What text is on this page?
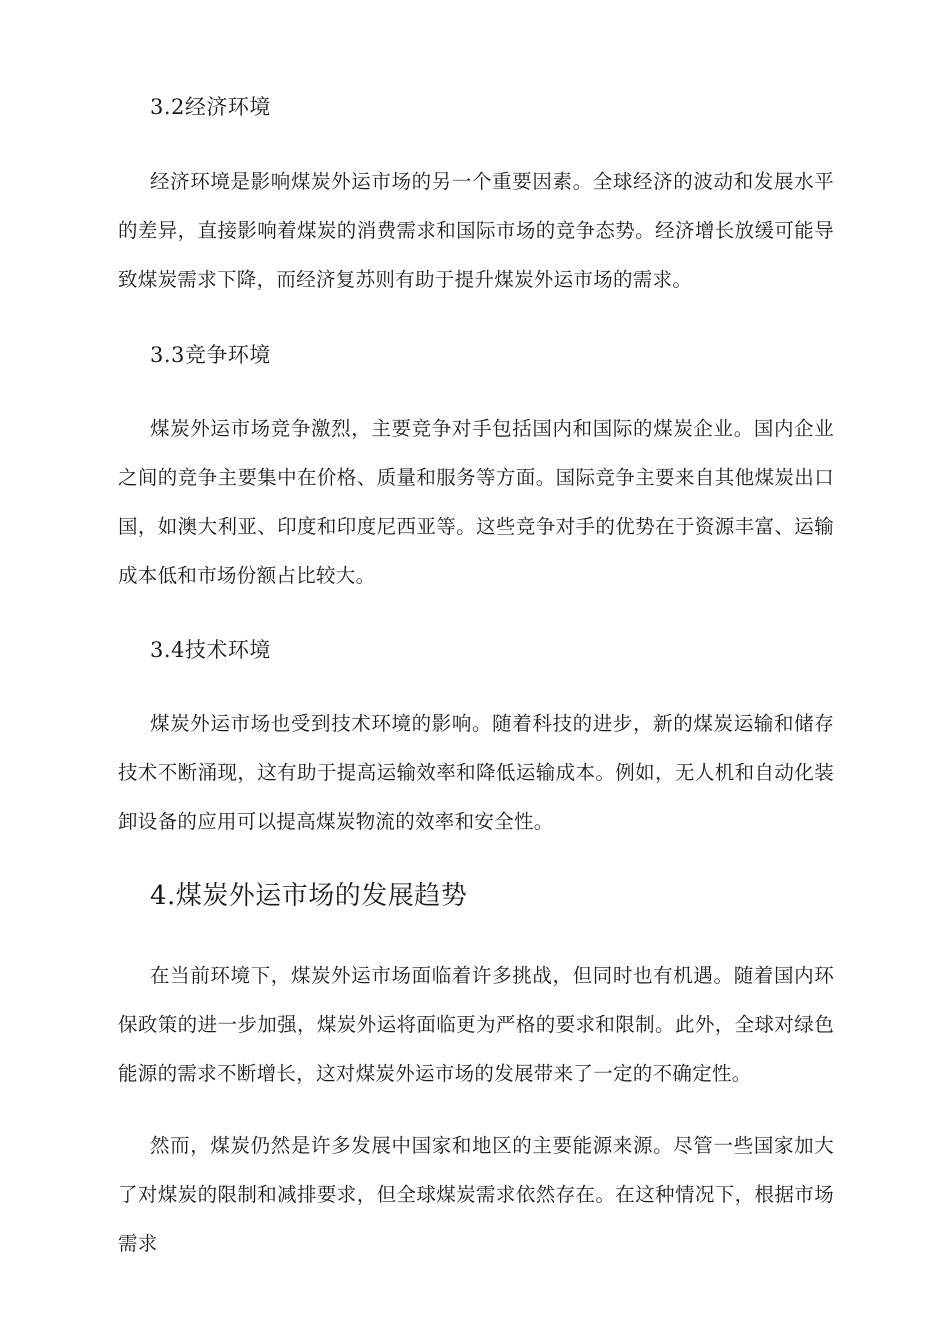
3.2经济环境
经济环境是影响煤炭外运市场的另一个重要因素。全球经济的波动和发展水平的差异，直接影响着煤炭的消费需求和国际市场的竞争态势。经济增长放缓可能导致煤炭需求下降，而经济复苏则有助于提升煤炭外运市场的需求。
3.3竞争环境
煤炭外运市场竞争激烈，主要竞争对手包括国内和国际的煤炭企业。国内企业之间的竞争主要集中在价格、质量和服务等方面。国际竞争主要来自其他煤炭出口国，如澳大利亚、印度和印度尼西亚等。这些竞争对手的优势在于资源丰富、运输成本低和市场份额占比较大。
3.4技术环境
煤炭外运市场也受到技术环境的影响。随着科技的进步，新的煤炭运输和储存技术不断涌现，这有助于提高运输效率和降低运输成本。例如，无人机和自动化装卸设备的应用可以提高煤炭物流的效率和安全性。
4.煤炭外运市场的发展趋势
在当前环境下，煤炭外运市场面临着许多挑战，但同时也有机遇。随着国内环保政策的进一步加强，煤炭外运将面临更为严格的要求和限制。此外，全球对绿色能源的需求不断增长，这对煤炭外运市场的发展带来了一定的不确定性。
然而，煤炭仍然是许多发展中国家和地区的主要能源来源。尽管一些国家加大了对煤炭的限制和减排要求，但全球煤炭需求依然存在。在这种情况下，根据市场需求
